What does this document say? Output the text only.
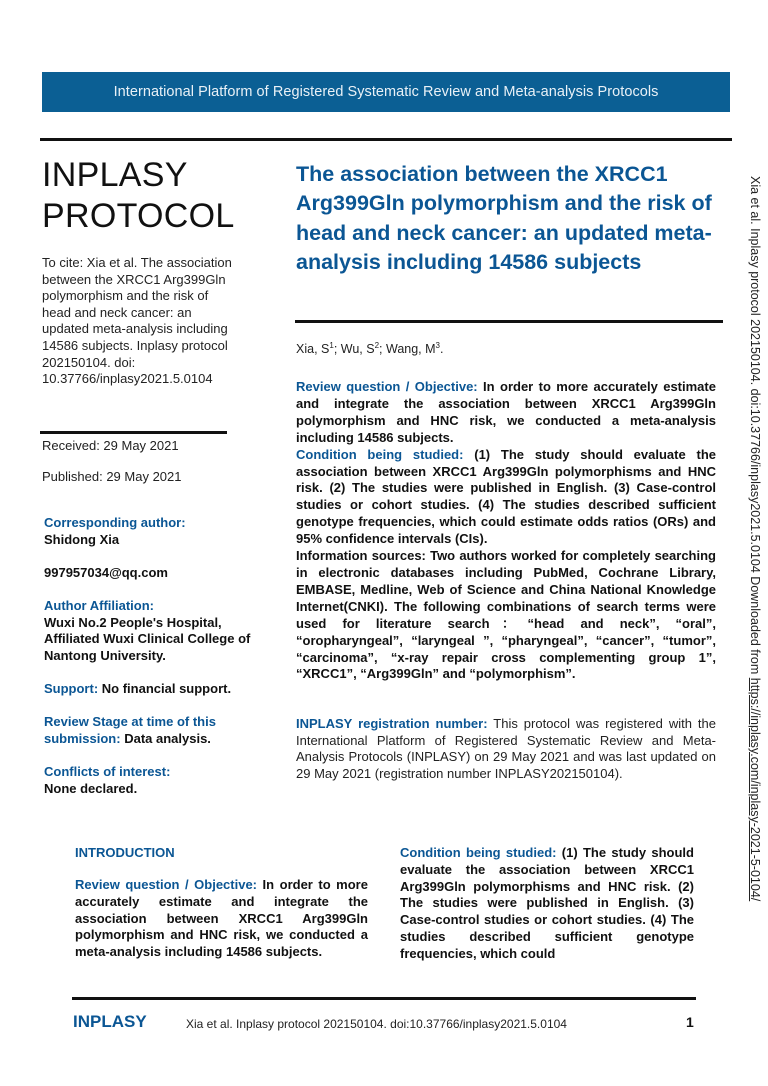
International Platform of Registered Systematic Review and Meta-analysis Protocols
INPLASY
PROTOCOL
To cite: Xia et al. The association between the XRCC1 Arg399Gln polymorphism and the risk of head and neck cancer: an updated meta-analysis including 14586 subjects. Inplasy protocol 202150104. doi: 10.37766/inplasy2021.5.0104
Received: 29 May 2021
Published: 29 May 2021
Corresponding author:
Shidong Xia
997957034@qq.com
Author Affiliation:
Wuxi No.2 People's Hospital, Affiliated Wuxi Clinical College of Nantong University.
Support: No financial support.
Review Stage at time of this submission: Data analysis.
Conflicts of interest:
None declared.
The association between the XRCC1 Arg399Gln polymorphism and the risk of head and neck cancer: an updated meta-analysis including 14586 subjects
Xia, $S^1$; Wu, $S^2$; Wang, $M^3$.

Review question / Objective: In order to more accurately estimate and integrate the association between XRCC1 Arg399Gln polymorphism and HNC risk, we conducted a meta-analysis including 14586 subjects.

Condition being studied: (1) The study should evaluate the association between XRCC1 Arg399Gln polymorphisms and HNC risk. (2) The studies were published in English. (3) Case-control studies or cohort studies. (4) The studies described sufficient genotype frequencies, which could estimate odds ratios (ORs) and 95% confidence intervals (CIs).

Information sources: Two authors worked for completely searching in electronic databases including PubMed, Cochrane Library, EMBASE, Medline, Web of Science and China National Knowledge Internet(CNKI). The following combinations of search terms were used for literature search：“head and neck”, “oral”, “oropharyngeal”, “laryngeal ”, “pharyngeal”, “cancer”, “tumor”, “carcinoma”, “x-ray repair cross complementing group 1”, “XRCC1”, “Arg399Gln” and “polymorphism”.

INPLASY registration number: This protocol was registered with the International Platform of Registered Systematic Review and Meta-Analysis Protocols (INPLASY) on 29 May 2021 and was last updated on 29 May 2021 (registration number INPLASY202150104).
INTRODUCTION
Review question / Objective: In order to more accurately estimate and integrate the association between XRCC1 Arg399Gln polymorphism and HNC risk, we conducted a meta-analysis including 14586 subjects.
Condition being studied: (1) The study should evaluate the association between XRCC1 Arg399Gln polymorphisms and HNC risk. (2) The studies were published in English. (3) Case-control studies or cohort studies. (4) The studies described sufficient genotype frequencies, which could
INPLASY	Xia et al. Inplasy protocol 202150104. doi:10.37766/inplasy2021.5.0104	1
Xia et al. Inplasy protocol 202150104. doi:10.37766/inplasy2021.5.0104 Downloaded from https://inplasy.com/inplasy-2021-5-0104/
